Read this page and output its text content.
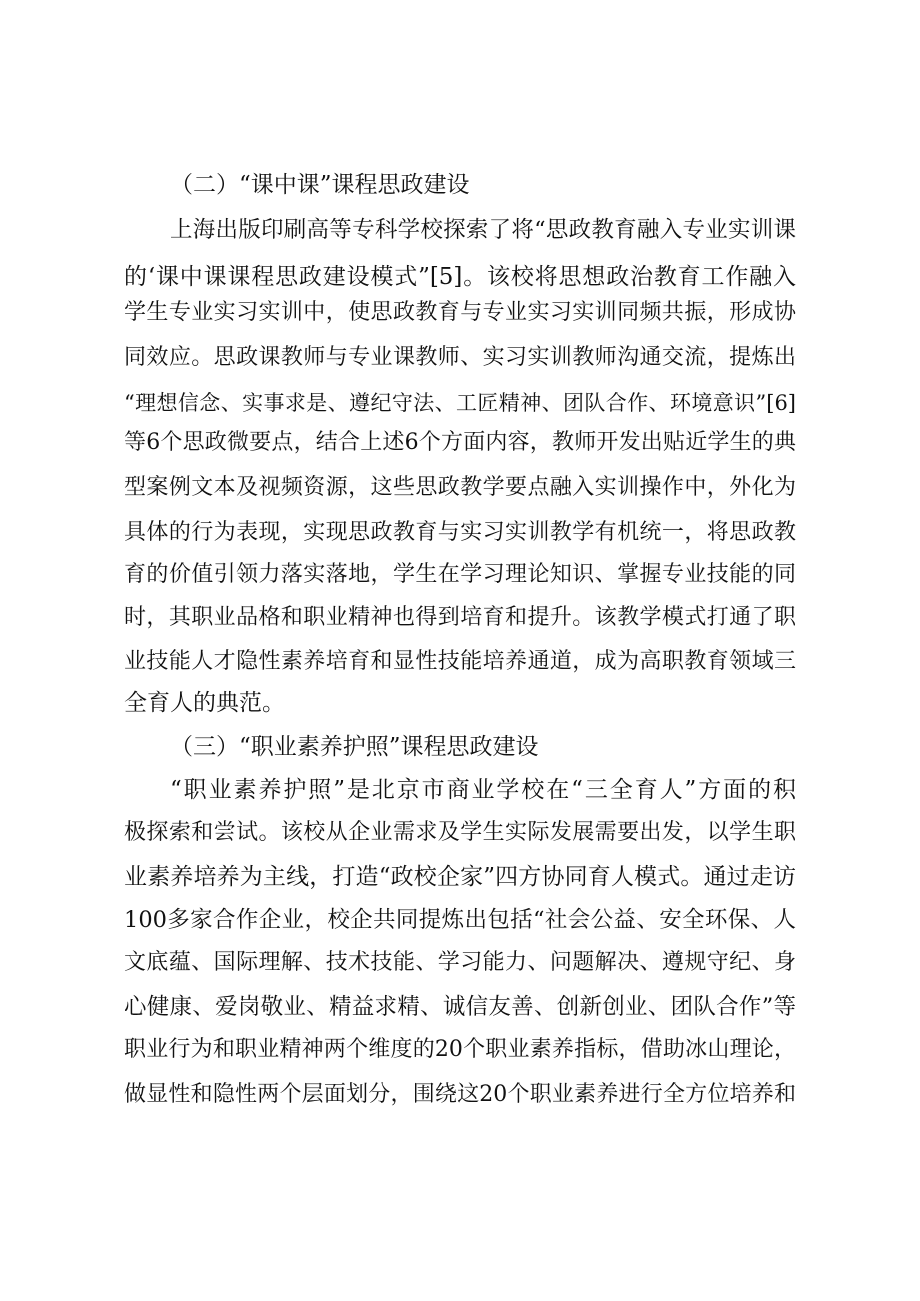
（二）“课中课”课程思政建设
上海出版印刷高等专科学校探索了将“思政教育融入专业实训课
的‘课中课课程思政建设模式”[5]。该校将思想政治教育工作融入
学生专业实习实训中，使思政教育与专业实习实训同频共振，形成协
同效应。思政课教师与专业课教师、实习实训教师沟通交流，提炼出
“理想信念、实事求是、遵纪守法、工匠精神、团队合作、环境意识”[6]
等6个思政微要点，结合上述6个方面内容，教师开发出贴近学生的典
型案例文本及视频资源，这些思政教学要点融入实训操作中，外化为
具体的行为表现，实现思政教育与实习实训教学有机统一，将思政教
育的价值引领力落实落地，学生在学习理论知识、掌握专业技能的同
时，其职业品格和职业精神也得到培育和提升。该教学模式打通了职
业技能人才隐性素养培育和显性技能培养通道，成为高职教育领域三
全育人的典范。
（三）“职业素养护照”课程思政建设
“职业素养护照”是北京市商业学校在“三全育人”方面的积
极探索和尝试。该校从企业需求及学生实际发展需要出发，以学生职
业素养培养为主线，打造“政校企家”四方协同育人模式。通过走访
100多家合作企业，校企共同提炼出包括“社会公益、安全环保、人
文底蕴、国际理解、技术技能、学习能力、问题解决、遵规守纪、身
心健康、爱岗敬业、精益求精、诚信友善、创新创业、团队合作”等
职业行为和职业精神两个维度的20个职业素养指标，借助冰山理论，
做显性和隐性两个层面划分，围绕这20个职业素养进行全方位培养和
